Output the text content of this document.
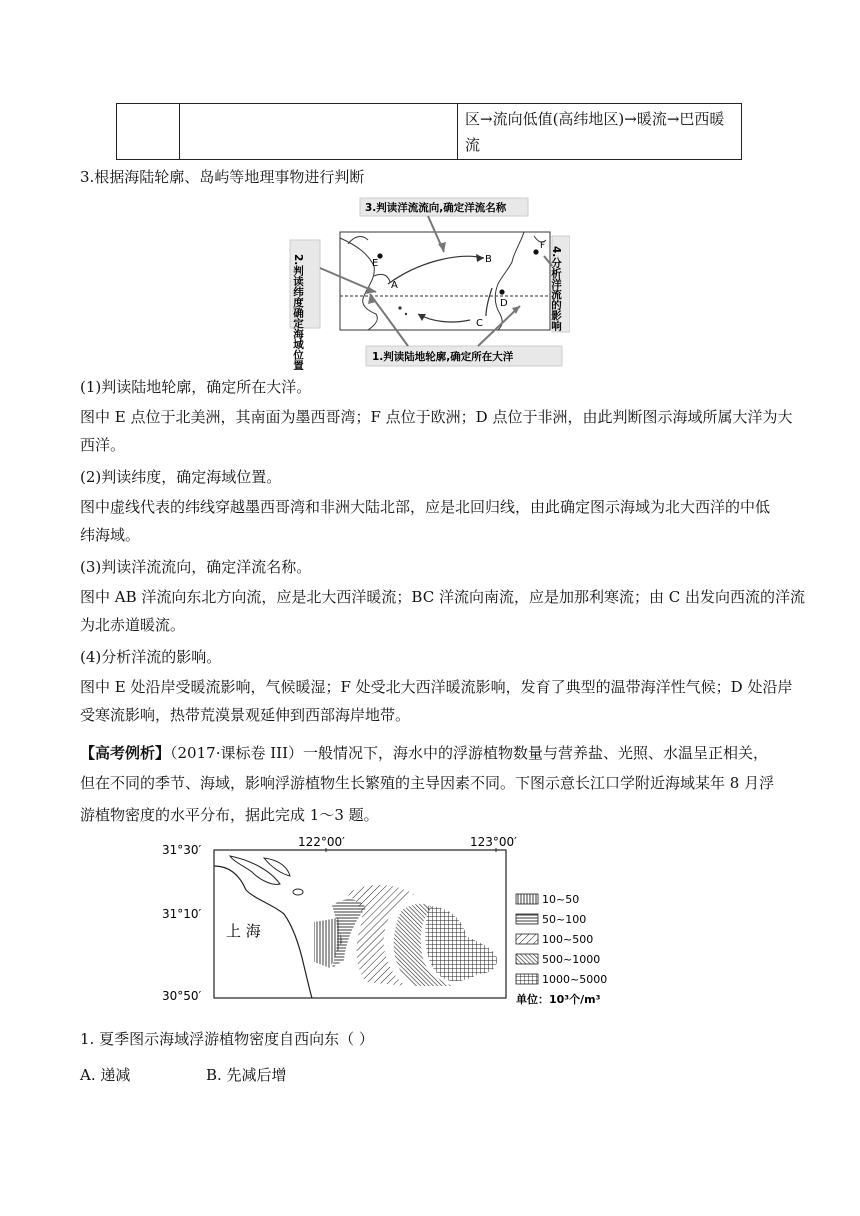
区→流向低值(高纬地区)→暖流→巴西暖流
3.根据海陆轮廓、岛屿等地理事物进行判断
E
A
B
C
D
F
3.判读洋流流向,确定洋流名称
2.判读纬度确定海域位置	4.分析洋流的影响
1.判读陆地轮廓,确定所在大洋
(1)判读陆地轮廓，确定所在大洋。
图中 E 点位于北美洲，其南面为墨西哥湾；F 点位于欧洲；D 点位于非洲，由此判断图示海域所属大洋为大
西洋。
(2)判读纬度，确定海域位置。
图中虚线代表的纬线穿越墨西哥湾和非洲大陆北部，应是北回归线，由此确定图示海域为北大西洋的中低
纬海域。
(3)判读洋流流向，确定洋流名称。
图中 AB 洋流向东北方向流，应是北大西洋暖流；BC 洋流向南流，应是加那利寒流；由 C 出发向西流的洋流
为北赤道暖流。
(4)分析洋流的影响。
图中 E 处沿岸受暖流影响，气候暖湿；F 处受北大西洋暖流影响，发育了典型的温带海洋性气候；D 处沿岸
受寒流影响，热带荒漠景观延伸到西部海岸地带。
【高考例析】（2017·课标卷 III）一般情况下，海水中的浮游植物数量与营养盐、光照、水温呈正相关，
但在不同的季节、海域，影响浮游植物生长繁殖的主导因素不同。下图示意长江口学附近海域某年 8 月浮
游植物密度的水平分布，据此完成 1～3 题。
31°30′
31°10′
30°50′
122°00′	123°00′
上 海
10~50
50~100
100~500
500~1000
1000~5000
单位：10³个/m³
1. 夏季图示海域浮游植物密度自西向东（ ）
A. 递减	B. 先减后增
